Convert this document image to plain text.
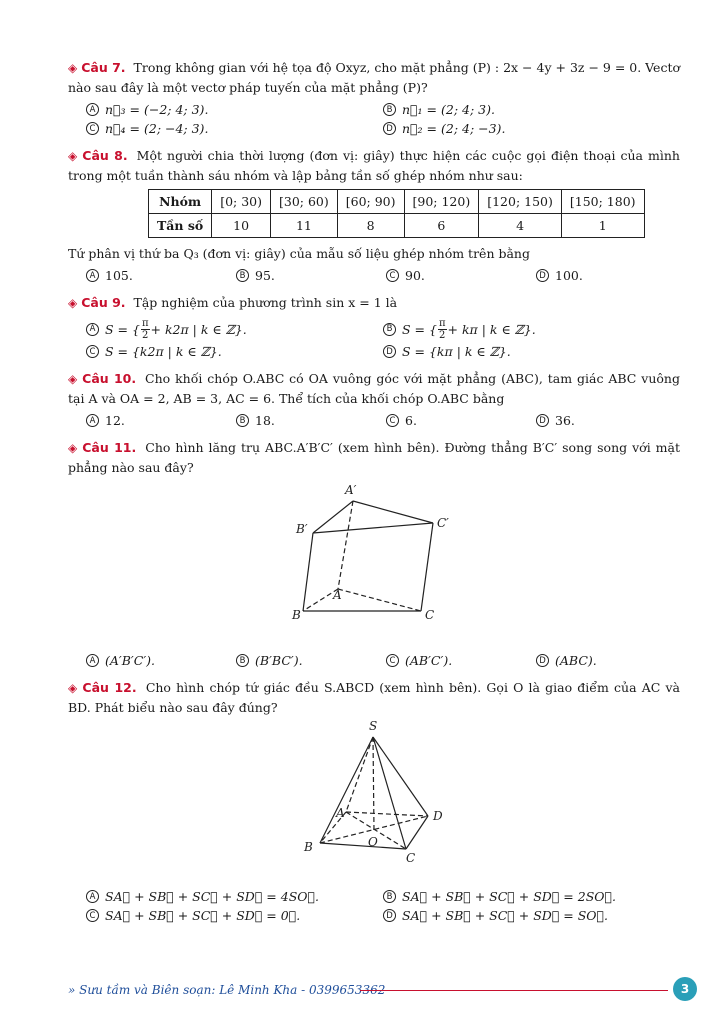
◈ Câu 7. Trong không gian với hệ tọa độ Oxyz, cho mặt phẳng (P) : 2x − 4y + 3z − 9 = 0. Vectơ nào sau đây là một vectơ pháp tuyến của mặt phẳng (P)?
A n⃗₃ = (−2; 4; 3).	B n⃗₁ = (2; 4; 3).
C n⃗₄ = (2; −4; 3).	D n⃗₂ = (2; 4; −3).
◈ Câu 8. Một người chia thời lượng (đơn vị: giây) thực hiện các cuộc gọi điện thoại của mình trong một tuần thành sáu nhóm và lập bảng tần số ghép nhóm như sau:
Nhóm	[0; 30)	[30; 60)	[60; 90)	[90; 120)	[120; 150)	[150; 180)
Tần số	10	11	8	6	4	1
Tứ phân vị thứ ba Q₃ (đơn vị: giây) của mẫu số liệu ghép nhóm trên bằng
A 105.	B 95.	C 90.	D 100.
◈ Câu 9. Tập nghiệm của phương trình sin x = 1 là
A S = { $\frac{\pi}{2} + k2\pi$ | k ∈ ℤ}.	B S = { $\frac{\pi}{2} + k\pi$ | k ∈ ℤ}.
C S = {k2π | k ∈ ℤ}.	D S = {kπ | k ∈ ℤ}.
◈ Câu 10. Cho khối chóp O.ABC có OA vuông góc với mặt phẳng (ABC), tam giác ABC vuông tại A và OA = 2, AB = 3, AC = 6. Thể tích của khối chóp O.ABC bằng
A 12.	B 18.	C 6.	D 36.
◈ Câu 11. Cho hình lăng trụ ABC.A′B′C′ (xem hình bên). Đường thẳng B′C′ song song với mặt phẳng nào sau đây?
A′
B′	C′
A
B	C
A (A′B′C′).	B (B′BC′).	C (AB′C′).	D (ABC).
◈ Câu 12. Cho hình chóp tứ giác đều S.ABCD (xem hình bên). Gọi O là giao điểm của AC và BD. Phát biểu nào sau đây đúng?
S
A
B
C
D
O
A SA⃗ + SB⃗ + SC⃗ + SD⃗ = 4SO⃗.	B SA⃗ + SB⃗ + SC⃗ + SD⃗ = 2SO⃗.
C SA⃗ + SB⃗ + SC⃗ + SD⃗ = 0⃗.	D SA⃗ + SB⃗ + SC⃗ + SD⃗ = SO⃗.
» Sưu tầm và Biên soạn: Lê Minh Kha - 0399653362	3
